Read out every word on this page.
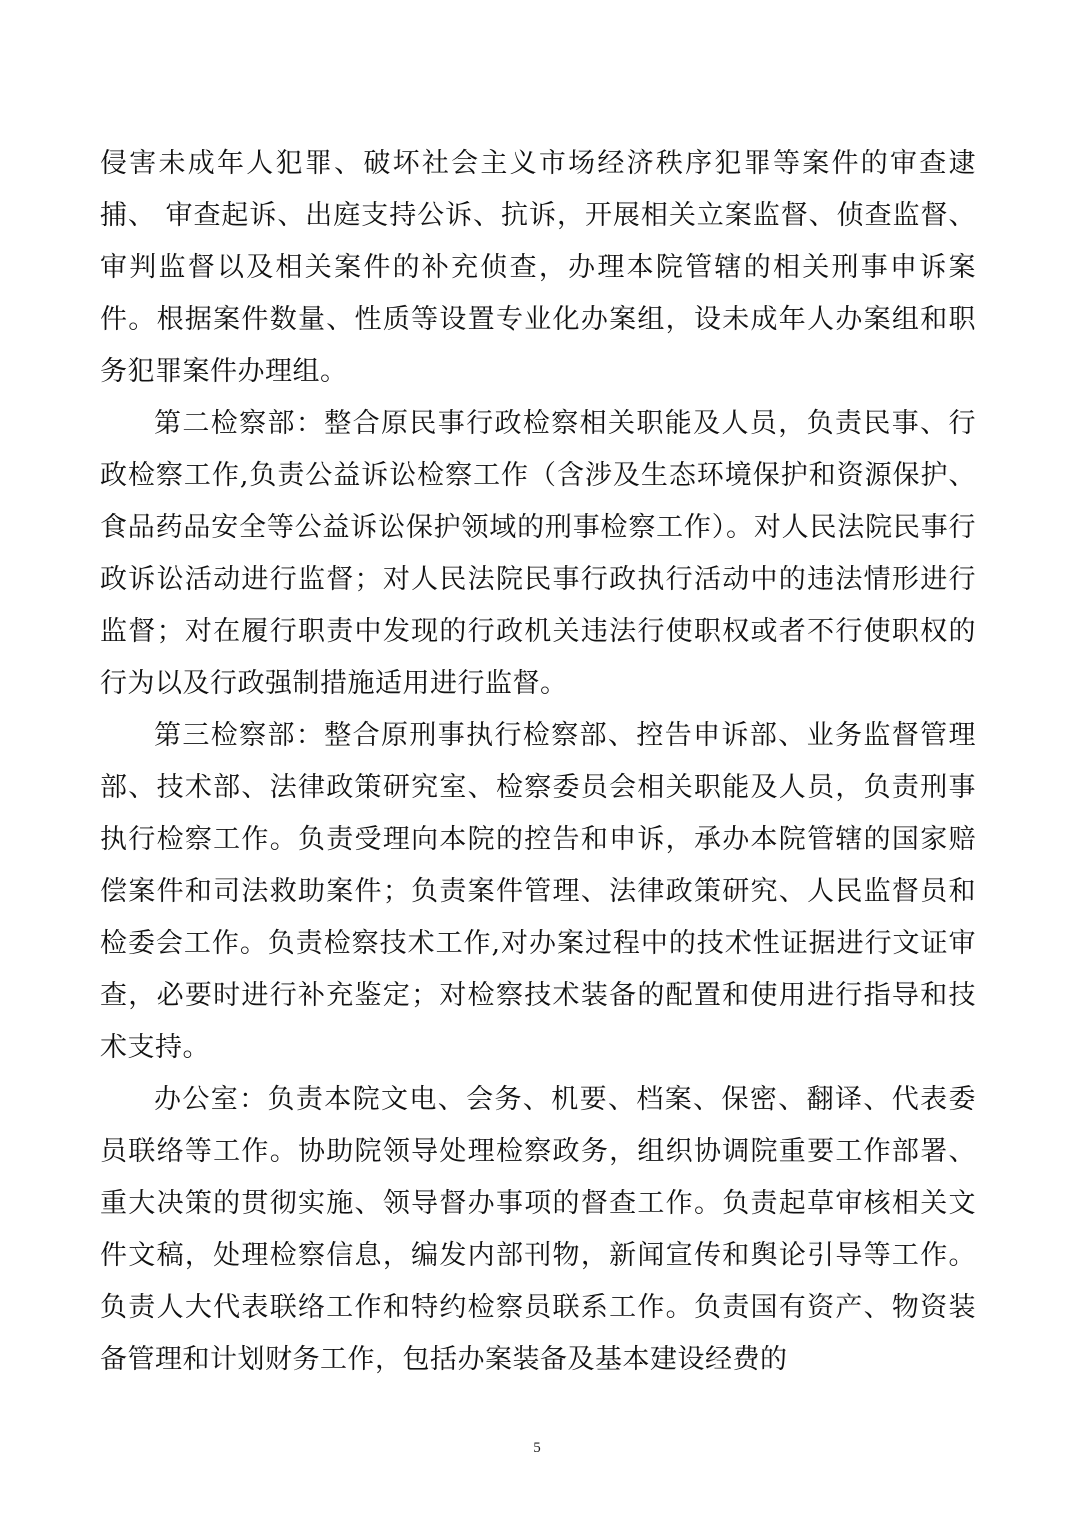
侵害未成年人犯罪、破坏社会主义市场经济秩序犯罪等案件的审查逮捕、 审查起诉、出庭支持公诉、抗诉，开展相关立案监督、侦查监督、审判监督以及相关案件的补充侦查，办理本院管辖的相关刑事申诉案件。根据案件数量、性质等设置专业化办案组，设未成年人办案组和职务犯罪案件办理组。

第二检察部：整合原民事行政检察相关职能及人员，负责民事、行政检察工作,负责公益诉讼检察工作（含涉及生态环境保护和资源保护、食品药品安全等公益诉讼保护领域的刑事检察工作）。对人民法院民事行政诉讼活动进行监督；对人民法院民事行政执行活动中的违法情形进行监督；对在履行职责中发现的行政机关违法行使职权或者不行使职权的行为以及行政强制措施适用进行监督。

第三检察部：整合原刑事执行检察部、控告申诉部、业务监督管理部、技术部、法律政策研究室、检察委员会相关职能及人员，负责刑事执行检察工作。负责受理向本院的控告和申诉，承办本院管辖的国家赔偿案件和司法救助案件；负责案件管理、法律政策研究、人民监督员和检委会工作。负责检察技术工作,对办案过程中的技术性证据进行文证审查，必要时进行补充鉴定；对检察技术装备的配置和使用进行指导和技术支持。

办公室：负责本院文电、会务、机要、档案、保密、翻译、代表委员联络等工作。协助院领导处理检察政务，组织协调院重要工作部署、重大决策的贯彻实施、领导督办事项的督查工作。负责起草审核相关文件文稿，处理检察信息，编发内部刊物，新闻宣传和舆论引导等工作。负责人大代表联络工作和特约检察员联系工作。负责国有资产、物资装备管理和计划财务工作，包括办案装备及基本建设经费的

5
